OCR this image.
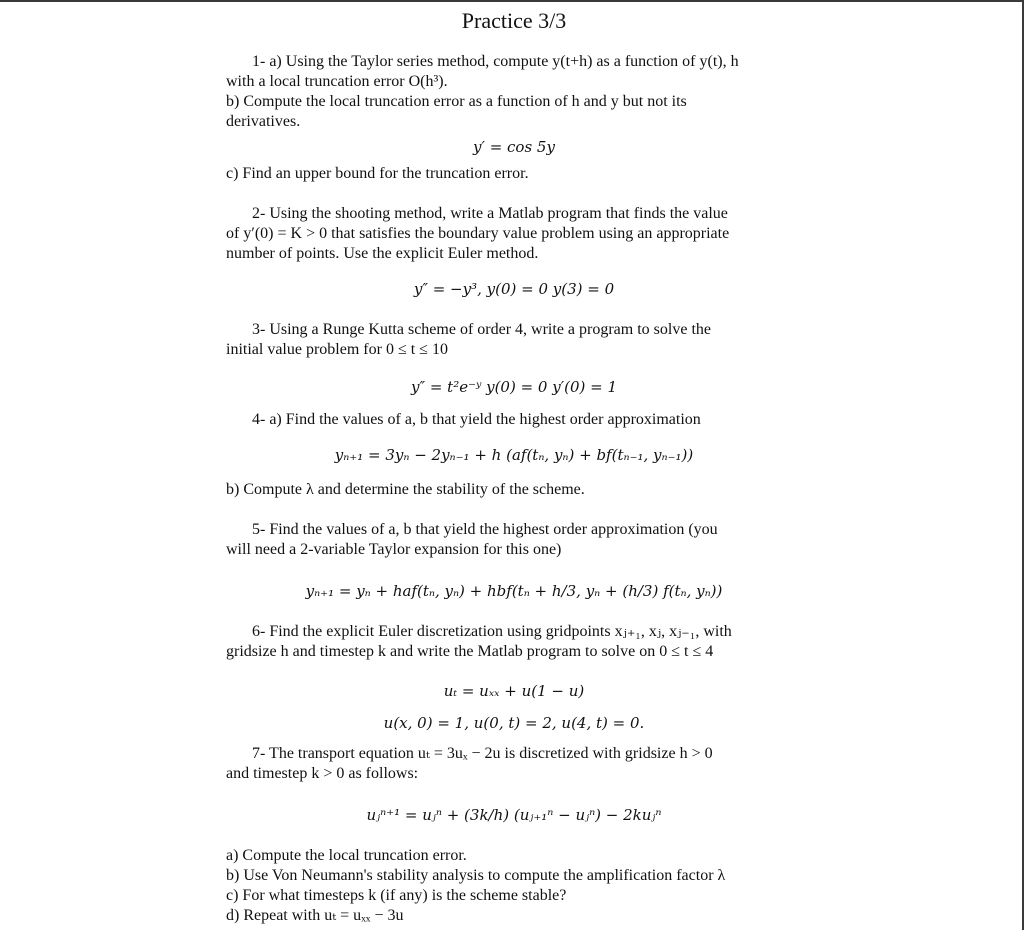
Practice 3/3

1- a) Using the Taylor series method, compute y(t+h) as a function of y(t), h

with a local truncation error O(h³).

b) Compute the local truncation error as a function of h and y but not its

derivatives.

y′ = cos 5y

c) Find an upper bound for the truncation error.

2- Using the shooting method, write a Matlab program that finds the value

of y′(0) = K > 0 that satisfies the boundary value problem using an appropriate

number of points. Use the explicit Euler method.

y″ = −y³, y(0) = 0 y(3) = 0

3- Using a Runge Kutta scheme of order 4, write a program to solve the

initial value problem for 0 ≤ t ≤ 10

y″ = t²e⁻ʸ y(0) = 0 y′(0) = 1

4- a) Find the values of a, b that yield the highest order approximation

yₙ₊₁ = 3yₙ − 2yₙ₋₁ + h (af(tₙ, yₙ) + bf(tₙ₋₁, yₙ₋₁))

b) Compute λ and determine the stability of the scheme.

5- Find the values of a, b that yield the highest order approximation (you

will need a 2-variable Taylor expansion for this one)

yₙ₊₁ = yₙ + haf(tₙ, yₙ) + hbf(tₙ + h/3, yₙ + (h/3) f(tₙ, yₙ))

6- Find the explicit Euler discretization using gridpoints xⱼ₊₁, xⱼ, xⱼ₋₁, with

gridsize h and timestep k and write the Matlab program to solve on 0 ≤ t ≤ 4

uₜ = uₓₓ + u(1 − u)
u(x, 0) = 1, u(0, t) = 2, u(4, t) = 0.

7- The transport equation uₜ = 3uₓ − 2u is discretized with gridsize h > 0

and timestep k > 0 as follows:

uⱼⁿ⁺¹ = uⱼⁿ + (3k/h) (uⱼ₊₁ⁿ − uⱼⁿ) − 2kuⱼⁿ

a) Compute the local truncation error.

b) Use Von Neumann's stability analysis to compute the amplification factor λ

c) For what timesteps k (if any) is the scheme stable?

d) Repeat with uₜ = uₓₓ − 3u
